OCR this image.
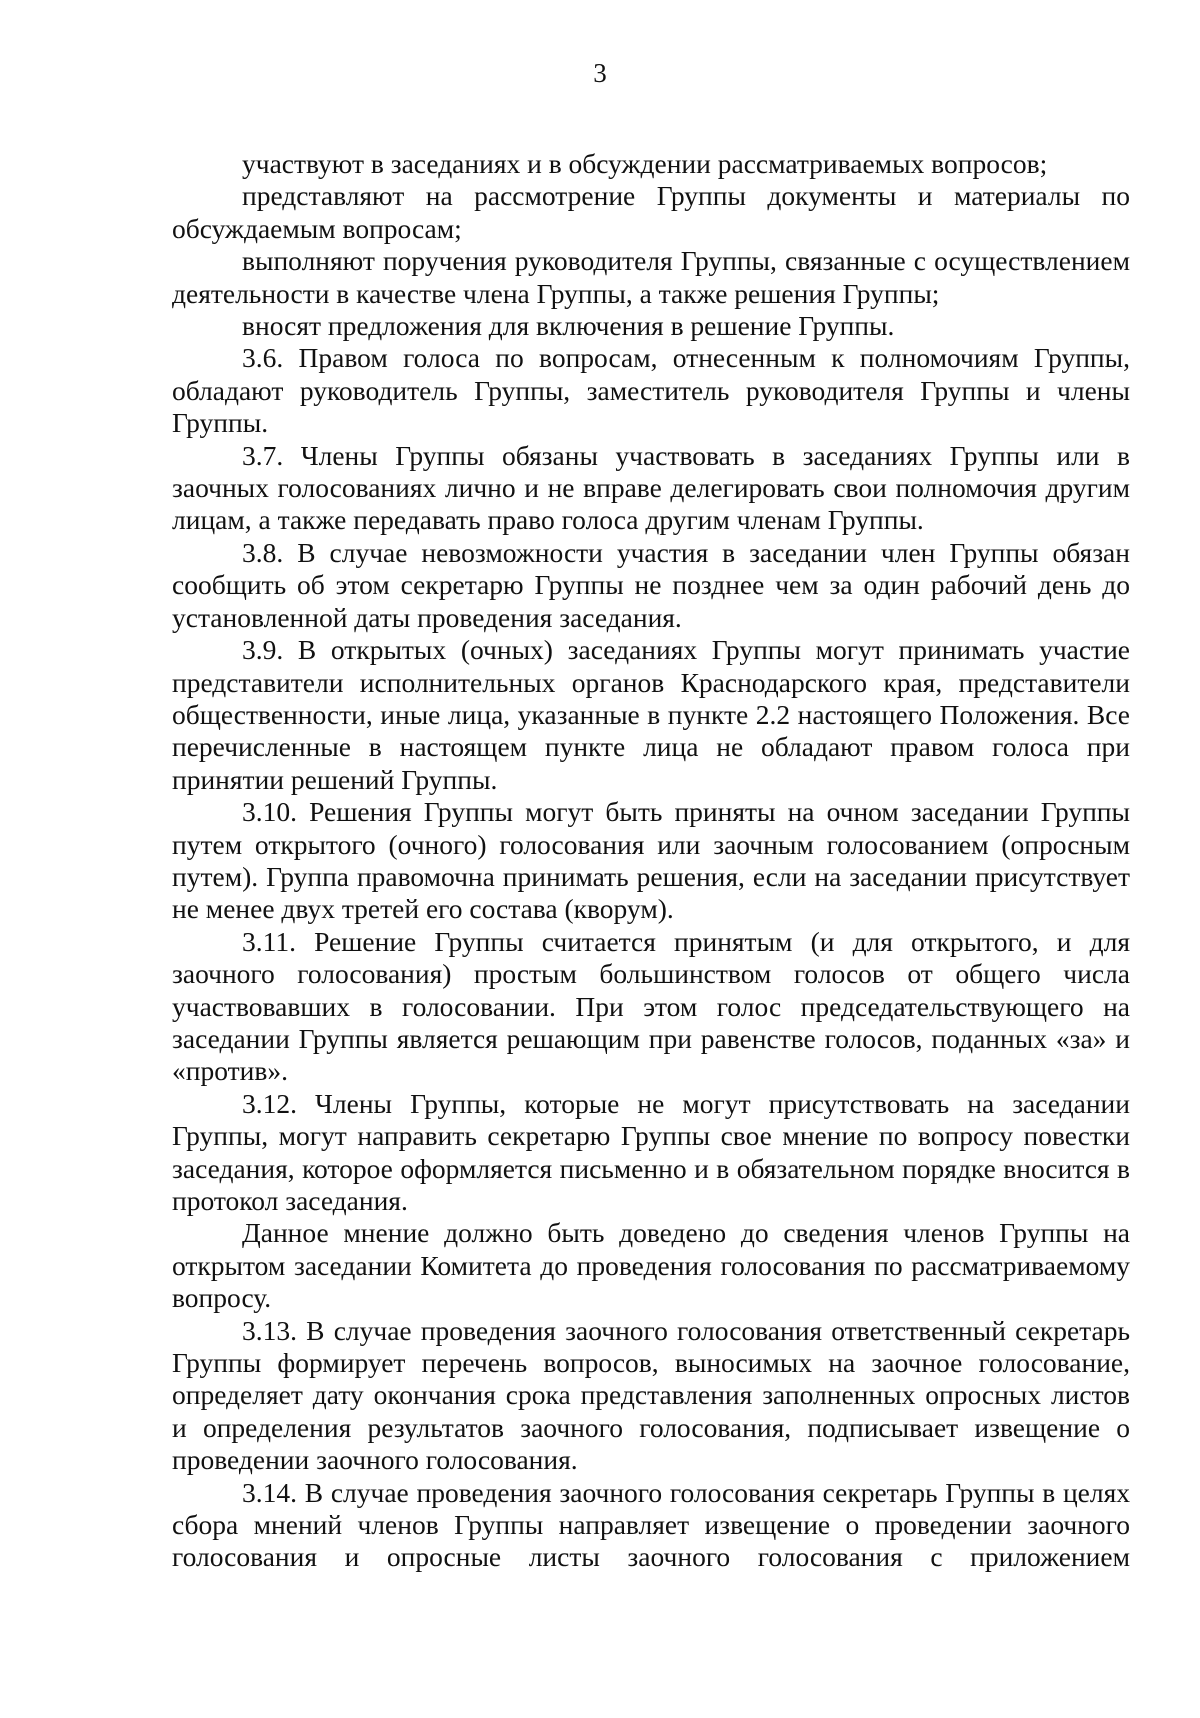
3

участвуют в заседаниях и в обсуждении рассматриваемых вопросов;

представляют на рассмотрение Группы документы и материалы по обсуждаемым вопросам;

выполняют поручения руководителя Группы, связанные с осуществлением деятельности в качестве члена Группы, а также решения Группы;

вносят предложения для включения в решение Группы.

3.6. Правом голоса по вопросам, отнесенным к полномочиям Группы, обладают руководитель Группы, заместитель руководителя Группы и члены Группы.

3.7. Члены Группы обязаны участвовать в заседаниях Группы или в заочных голосованиях лично и не вправе делегировать свои полномочия другим лицам, а также передавать право голоса другим членам Группы.

3.8. В случае невозможности участия в заседании член Группы обязан сообщить об этом секретарю Группы не позднее чем за один рабочий день до установленной даты проведения заседания.

3.9. В открытых (очных) заседаниях Группы могут принимать участие представители исполнительных органов Краснодарского края, представители общественности, иные лица, указанные в пункте 2.2 настоящего Положения. Все перечисленные в настоящем пункте лица не обладают правом голоса при принятии решений Группы.

3.10. Решения Группы могут быть приняты на очном заседании Группы путем открытого (очного) голосования или заочным голосованием (опросным путем). Группа правомочна принимать решения, если на заседании присутствует не менее двух третей его состава (кворум).

3.11. Решение Группы считается принятым (и для открытого, и для заочного голосования) простым большинством голосов от общего числа участвовавших в голосовании. При этом голос председательствующего на заседании Группы является решающим при равенстве голосов, поданных «за» и «против».

3.12. Члены Группы, которые не могут присутствовать на заседании Группы, могут направить секретарю Группы свое мнение по вопросу повестки заседания, которое оформляется письменно и в обязательном порядке вносится в протокол заседания.

Данное мнение должно быть доведено до сведения членов Группы на открытом заседании Комитета до проведения голосования по рассматриваемому вопросу.

3.13. В случае проведения заочного голосования ответственный секретарь Группы формирует перечень вопросов, выносимых на заочное голосование, определяет дату окончания срока представления заполненных опросных листов и определения результатов заочного голосования, подписывает извещение о проведении заочного голосования.

3.14. В случае проведения заочного голосования секретарь Группы в целях сбора мнений членов Группы направляет извещение о проведении заочного голосования и опросные листы заочного голосования с приложением
